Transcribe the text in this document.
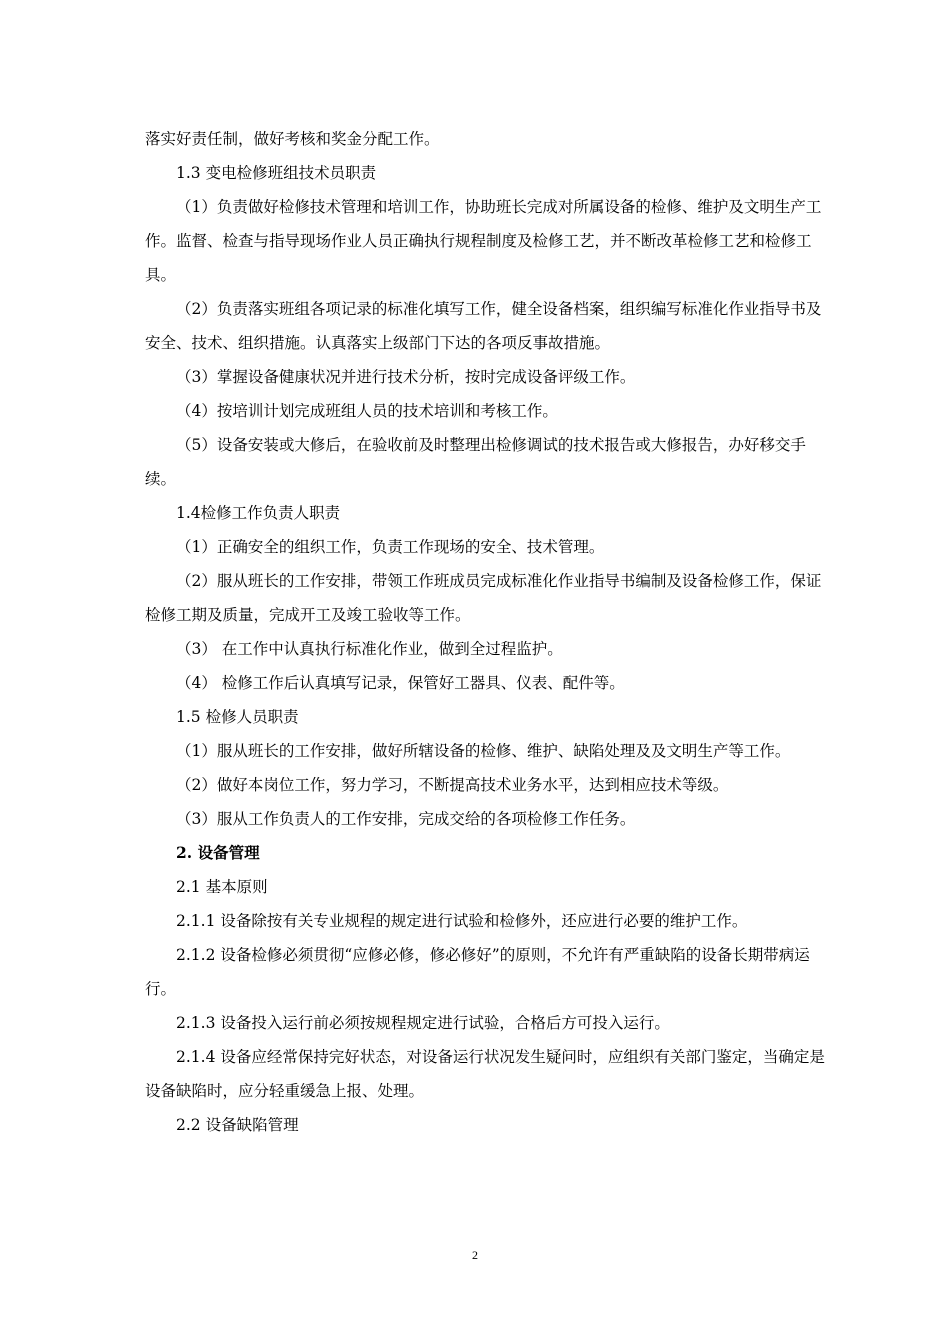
落实好责任制，做好考核和奖金分配工作。

1.3 变电检修班组技术员职责

（1）负责做好检修技术管理和培训工作，协助班长完成对所属设备的检修、维护及文明生产工作。监督、检查与指导现场作业人员正确执行规程制度及检修工艺，并不断改革检修工艺和检修工具。

（2）负责落实班组各项记录的标准化填写工作，健全设备档案，组织编写标准化作业指导书及安全、技术、组织措施。认真落实上级部门下达的各项反事故措施。

（3）掌握设备健康状况并进行技术分析，按时完成设备评级工作。

（4）按培训计划完成班组人员的技术培训和考核工作。

（5）设备安装或大修后，在验收前及时整理出检修调试的技术报告或大修报告，办好移交手续。

1.4检修工作负责人职责

（1）正确安全的组织工作，负责工作现场的安全、技术管理。

（2）服从班长的工作安排，带领工作班成员完成标准化作业指导书编制及设备检修工作，保证检修工期及质量，完成开工及竣工验收等工作。

（3） 在工作中认真执行标准化作业，做到全过程监护。

（4） 检修工作后认真填写记录，保管好工器具、仪表、配件等。

1.5 检修人员职责

（1）服从班长的工作安排，做好所辖设备的检修、维护、缺陷处理及及文明生产等工作。

（2）做好本岗位工作，努力学习，不断提高技术业务水平，达到相应技术等级。

（3）服从工作负责人的工作安排，完成交给的各项检修工作任务。

2. 设备管理

2.1 基本原则

2.1.1 设备除按有关专业规程的规定进行试验和检修外，还应进行必要的维护工作。

2.1.2 设备检修必须贯彻“应修必修，修必修好”的原则，不允许有严重缺陷的设备长期带病运行。

2.1.3 设备投入运行前必须按规程规定进行试验，合格后方可投入运行。

2.1.4 设备应经常保持完好状态，对设备运行状况发生疑问时，应组织有关部门鉴定，当确定是设备缺陷时，应分轻重缓急上报、处理。

2.2 设备缺陷管理

2
